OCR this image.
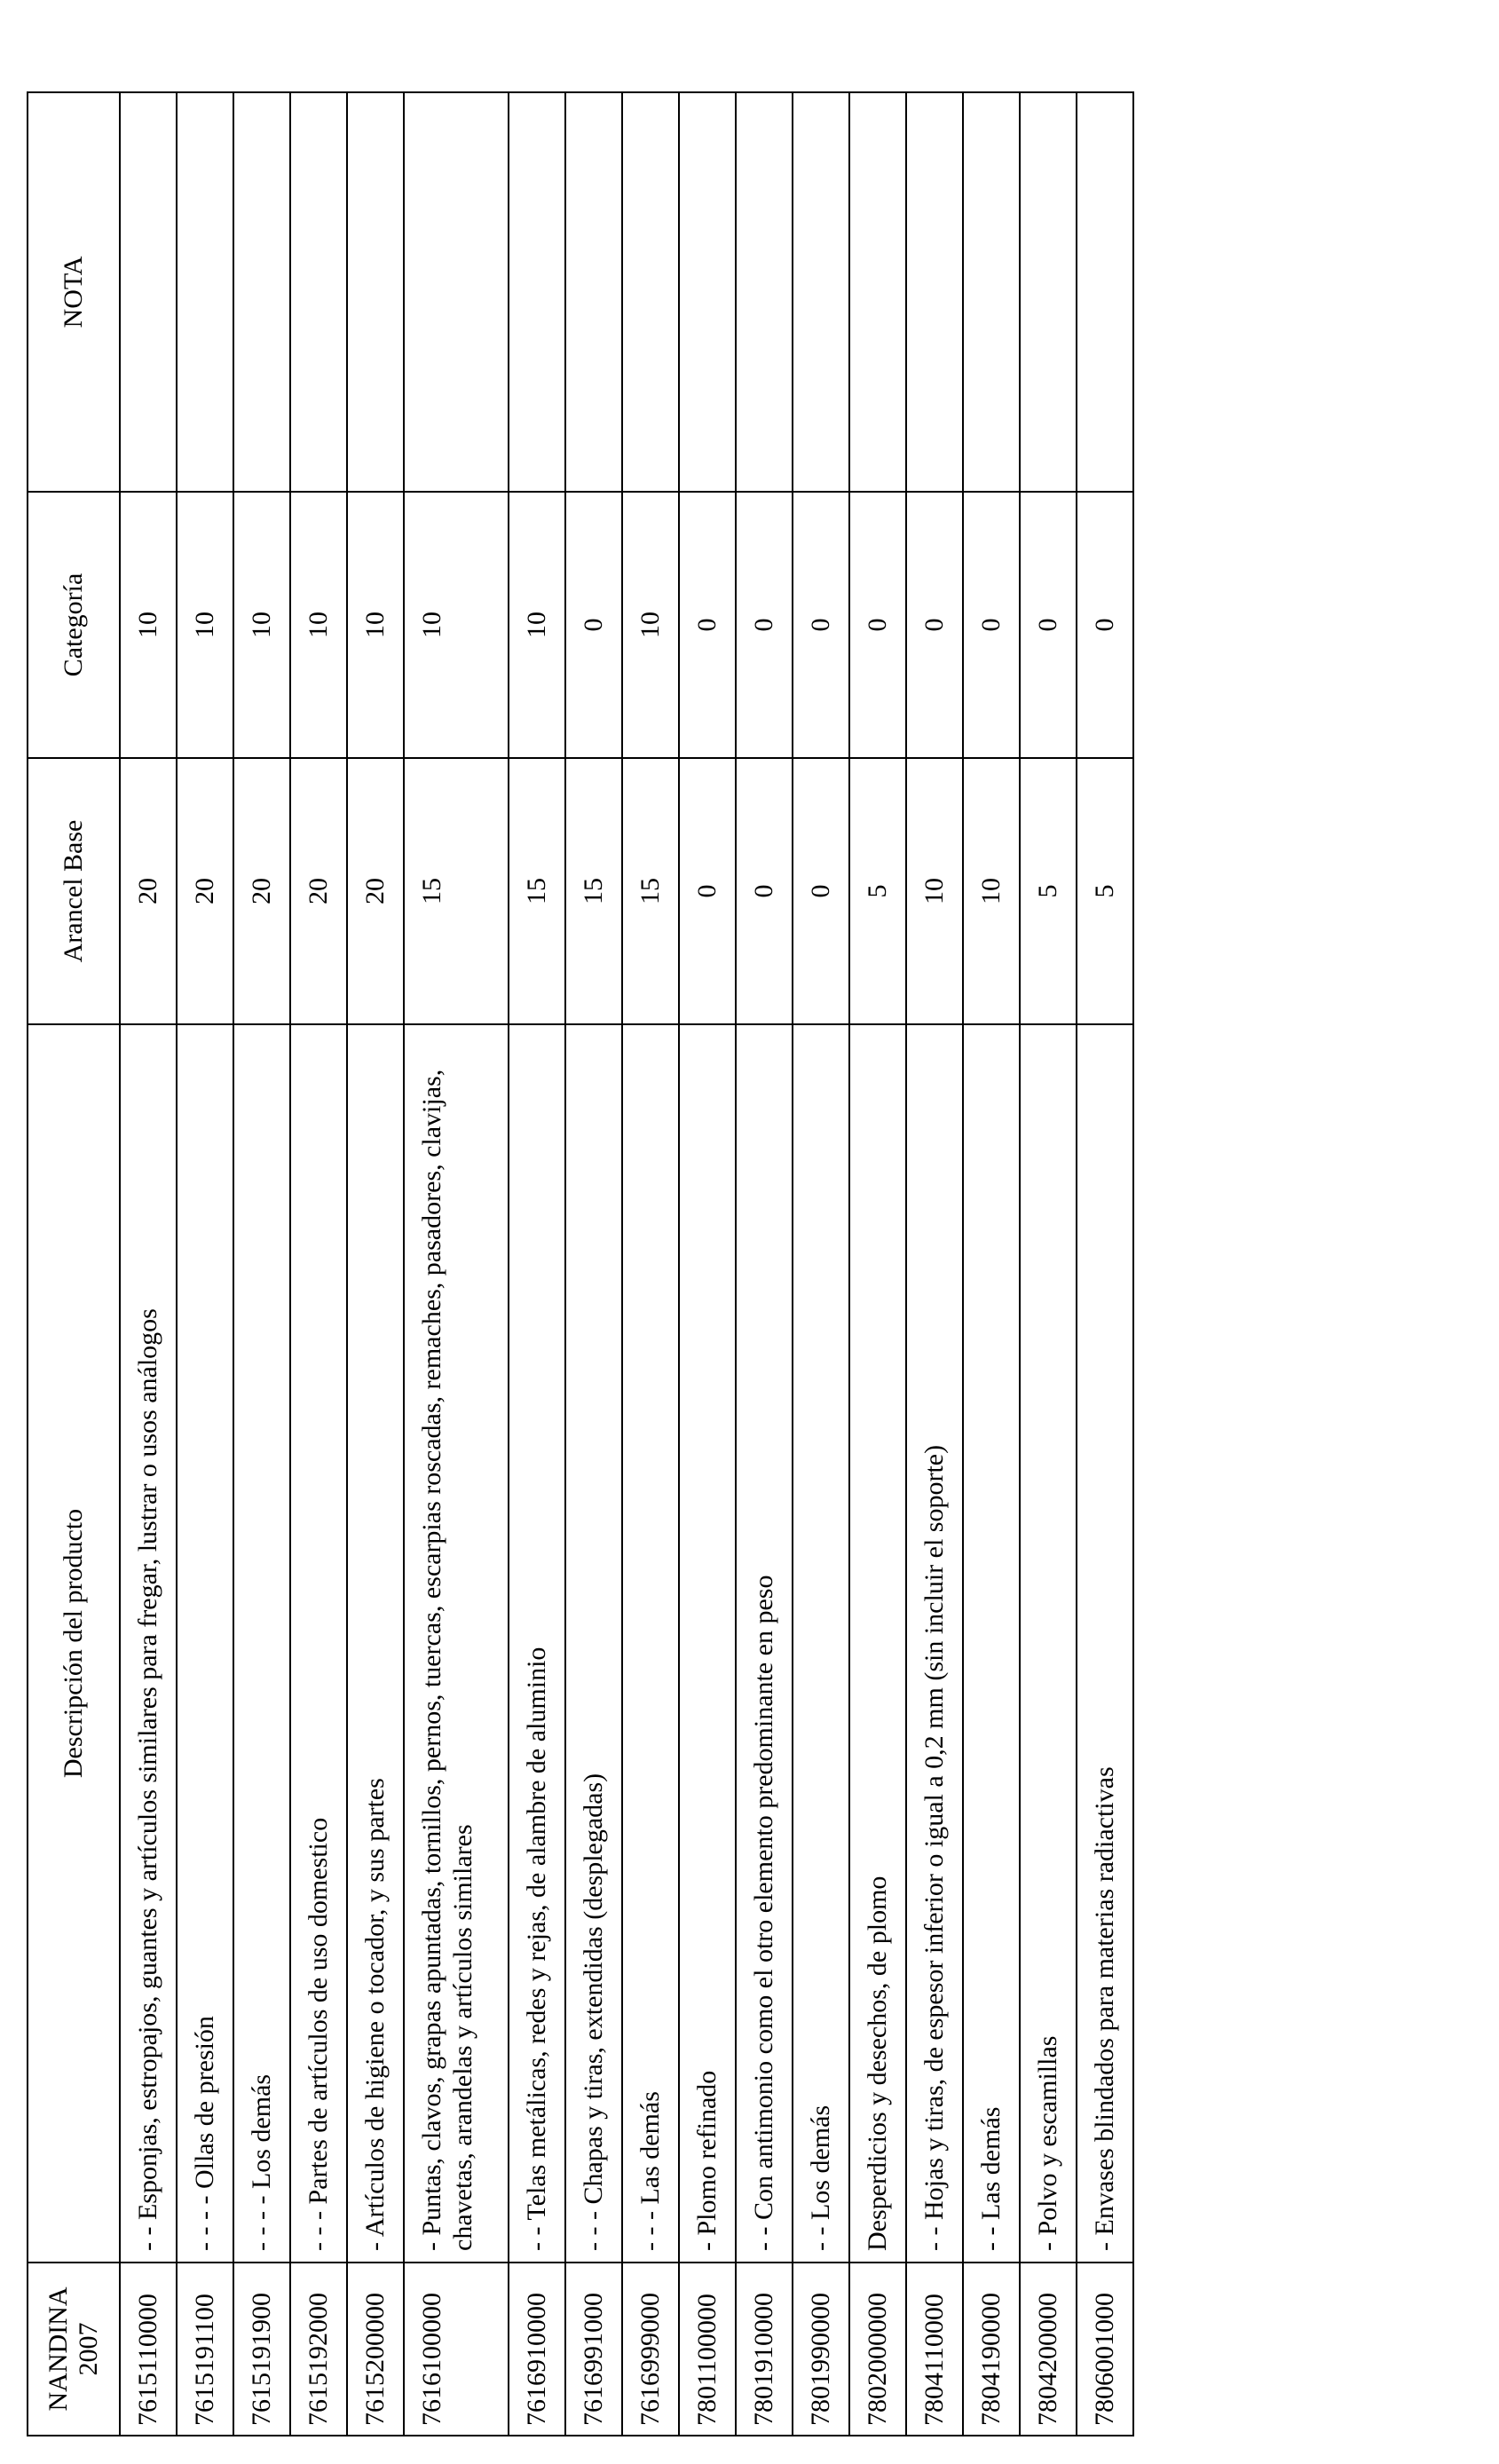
NANDINA 2007	Descripción del producto	Arancel Base	Categoría	NOTA
7615110000	- - Esponjas, estropajos, guantes y artículos similares para fregar, lustrar o usos análogos	20	10	
7615191100	- - - - Ollas de presión	20	10	
7615191900	- - - - Los demás	20	10	
7615192000	- - - Partes de artículos de uso domestico	20	10	
7615200000	- Artículos de higiene o tocador, y sus partes	20	10	
7616100000	- Puntas, clavos, grapas apuntadas, tornillos, pernos, tuercas, escarpias roscadas, remaches, pasadores, clavijas, chavetas, arandelas y artículos similares	15	10	
7616910000	- - Telas metálicas, redes y rejas, de alambre de aluminio	15	10	
7616991000	- - - Chapas y tiras, extendidas (desplegadas)	15	0	
7616999000	- - - Las demás	15	10	
7801100000	- Plomo refinado	0	0	
7801910000	- - Con antimonio como el otro elemento predominante en peso	0	0	
7801990000	- - Los demás	0	0	
7802000000	Desperdicios y desechos, de plomo	5	0	
7804110000	- - Hojas y tiras, de espesor inferior o igual a 0,2 mm (sin incluir el soporte)	10	0	
7804190000	- - Las demás	10	0	
7804200000	- Polvo y escamillas	5	0	
7806001000	- Envases blindados para materias radiactivas	5	0	
